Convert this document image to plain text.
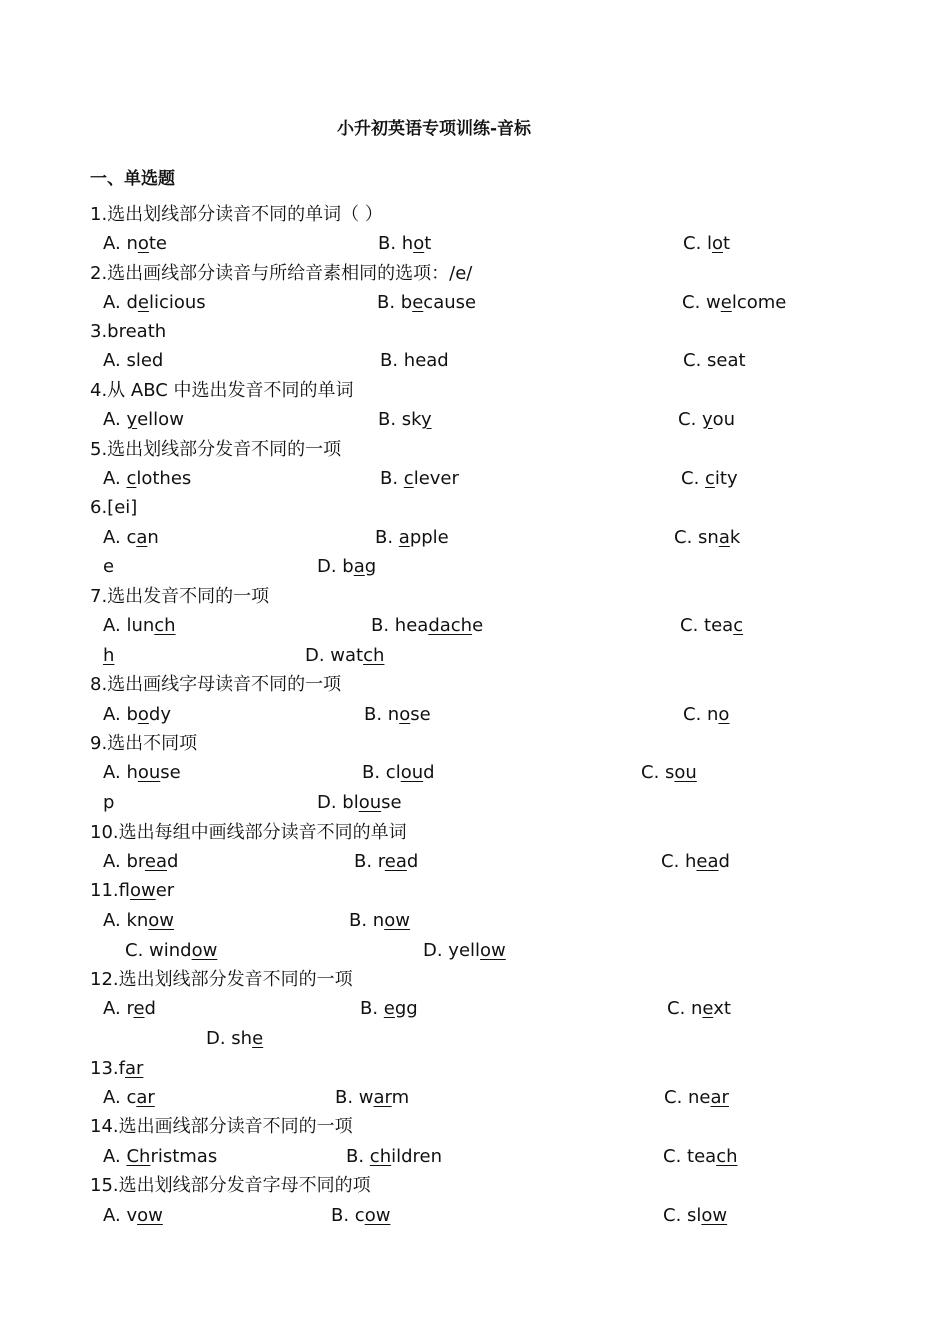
小升初英语专项训练-音标
一、单选题
1.选出划线部分读音不同的单词（ ）
A. note	B. hot	C. lot
2.选出画线部分读音与所给音素相同的选项：/e/
A. delicious	B. because	C. welcome
3.breath
A. sled	B. head	C. seat
4.从 ABC 中选出发音不同的单词
A. yellow	B. sky	C. you
5.选出划线部分发音不同的一项
A. clothes	B. clever	C. city
6.[ei]
A. can	B. apple	C. snak
e	D. bag
7.选出发音不同的一项
A. lunch	B. headache	C. teac
h	D. watch
8.选出画线字母读音不同的一项
A. body	B. nose	C. no
9.选出不同项
A. house	B. cloud	C. sou
p	D. blouse
10.选出每组中画线部分读音不同的单词
A. bread	B. read	C. head
11.flower
A. know	B. now
C. window	D. yellow
12.选出划线部分发音不同的一项
A. red	B. egg	C. next
D. she
13.far
A. car	B. warm	C. near
14.选出画线部分读音不同的一项
A. Christmas	B. children	C. teach
15.选出划线部分发音字母不同的项
A. vow	B. cow	C. slow
